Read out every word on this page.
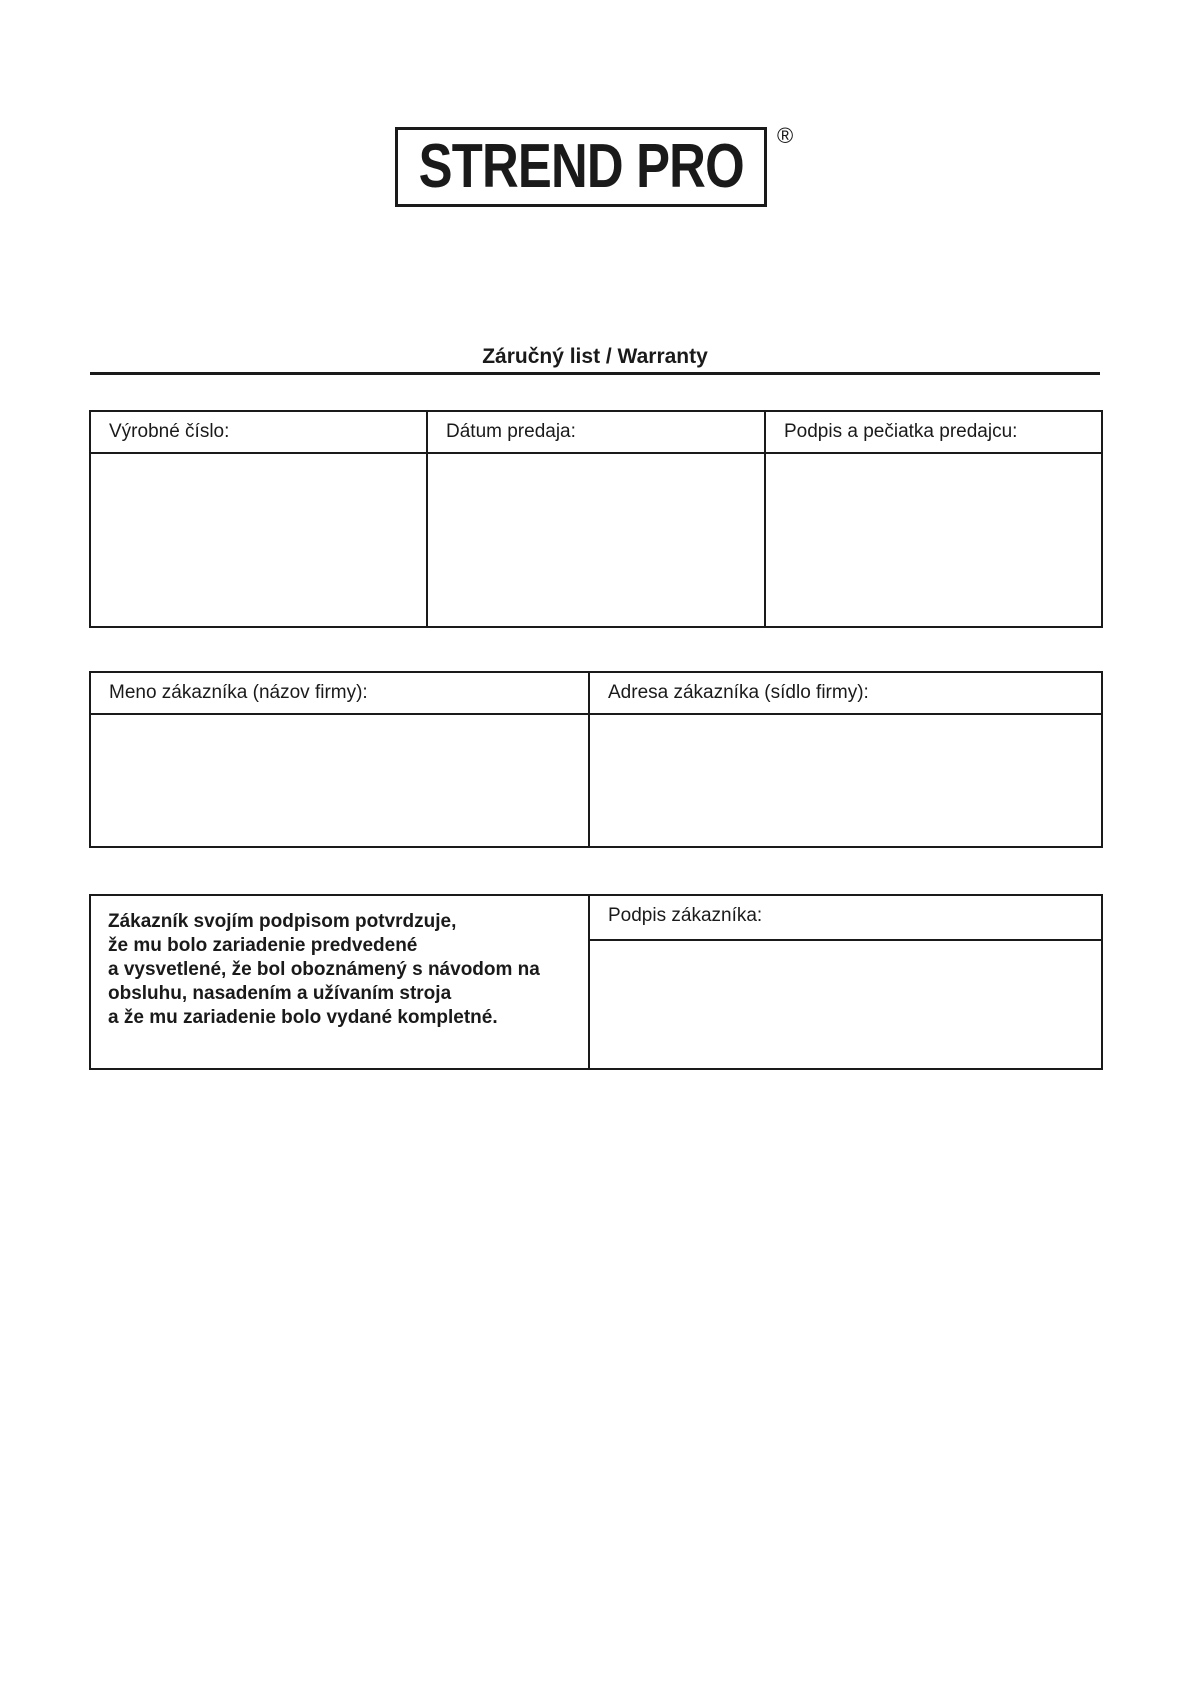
STREND PRO ®
Záručný list / Warranty
Výrobné číslo:	Dátum predaja:	Podpis a pečiatka predajcu:

Meno zákazníka (názov firmy):	Adresa zákazníka (sídlo firmy):

Zákazník svojím podpisom potvrdzuje,
že mu bolo zariadenie predvedené
a vysvetlené, že bol oboznámený s návodom na
obsluhu, nasadením a užívaním stroja
a že mu zariadenie bolo vydané kompletné.
	Podpis zákazníka:
